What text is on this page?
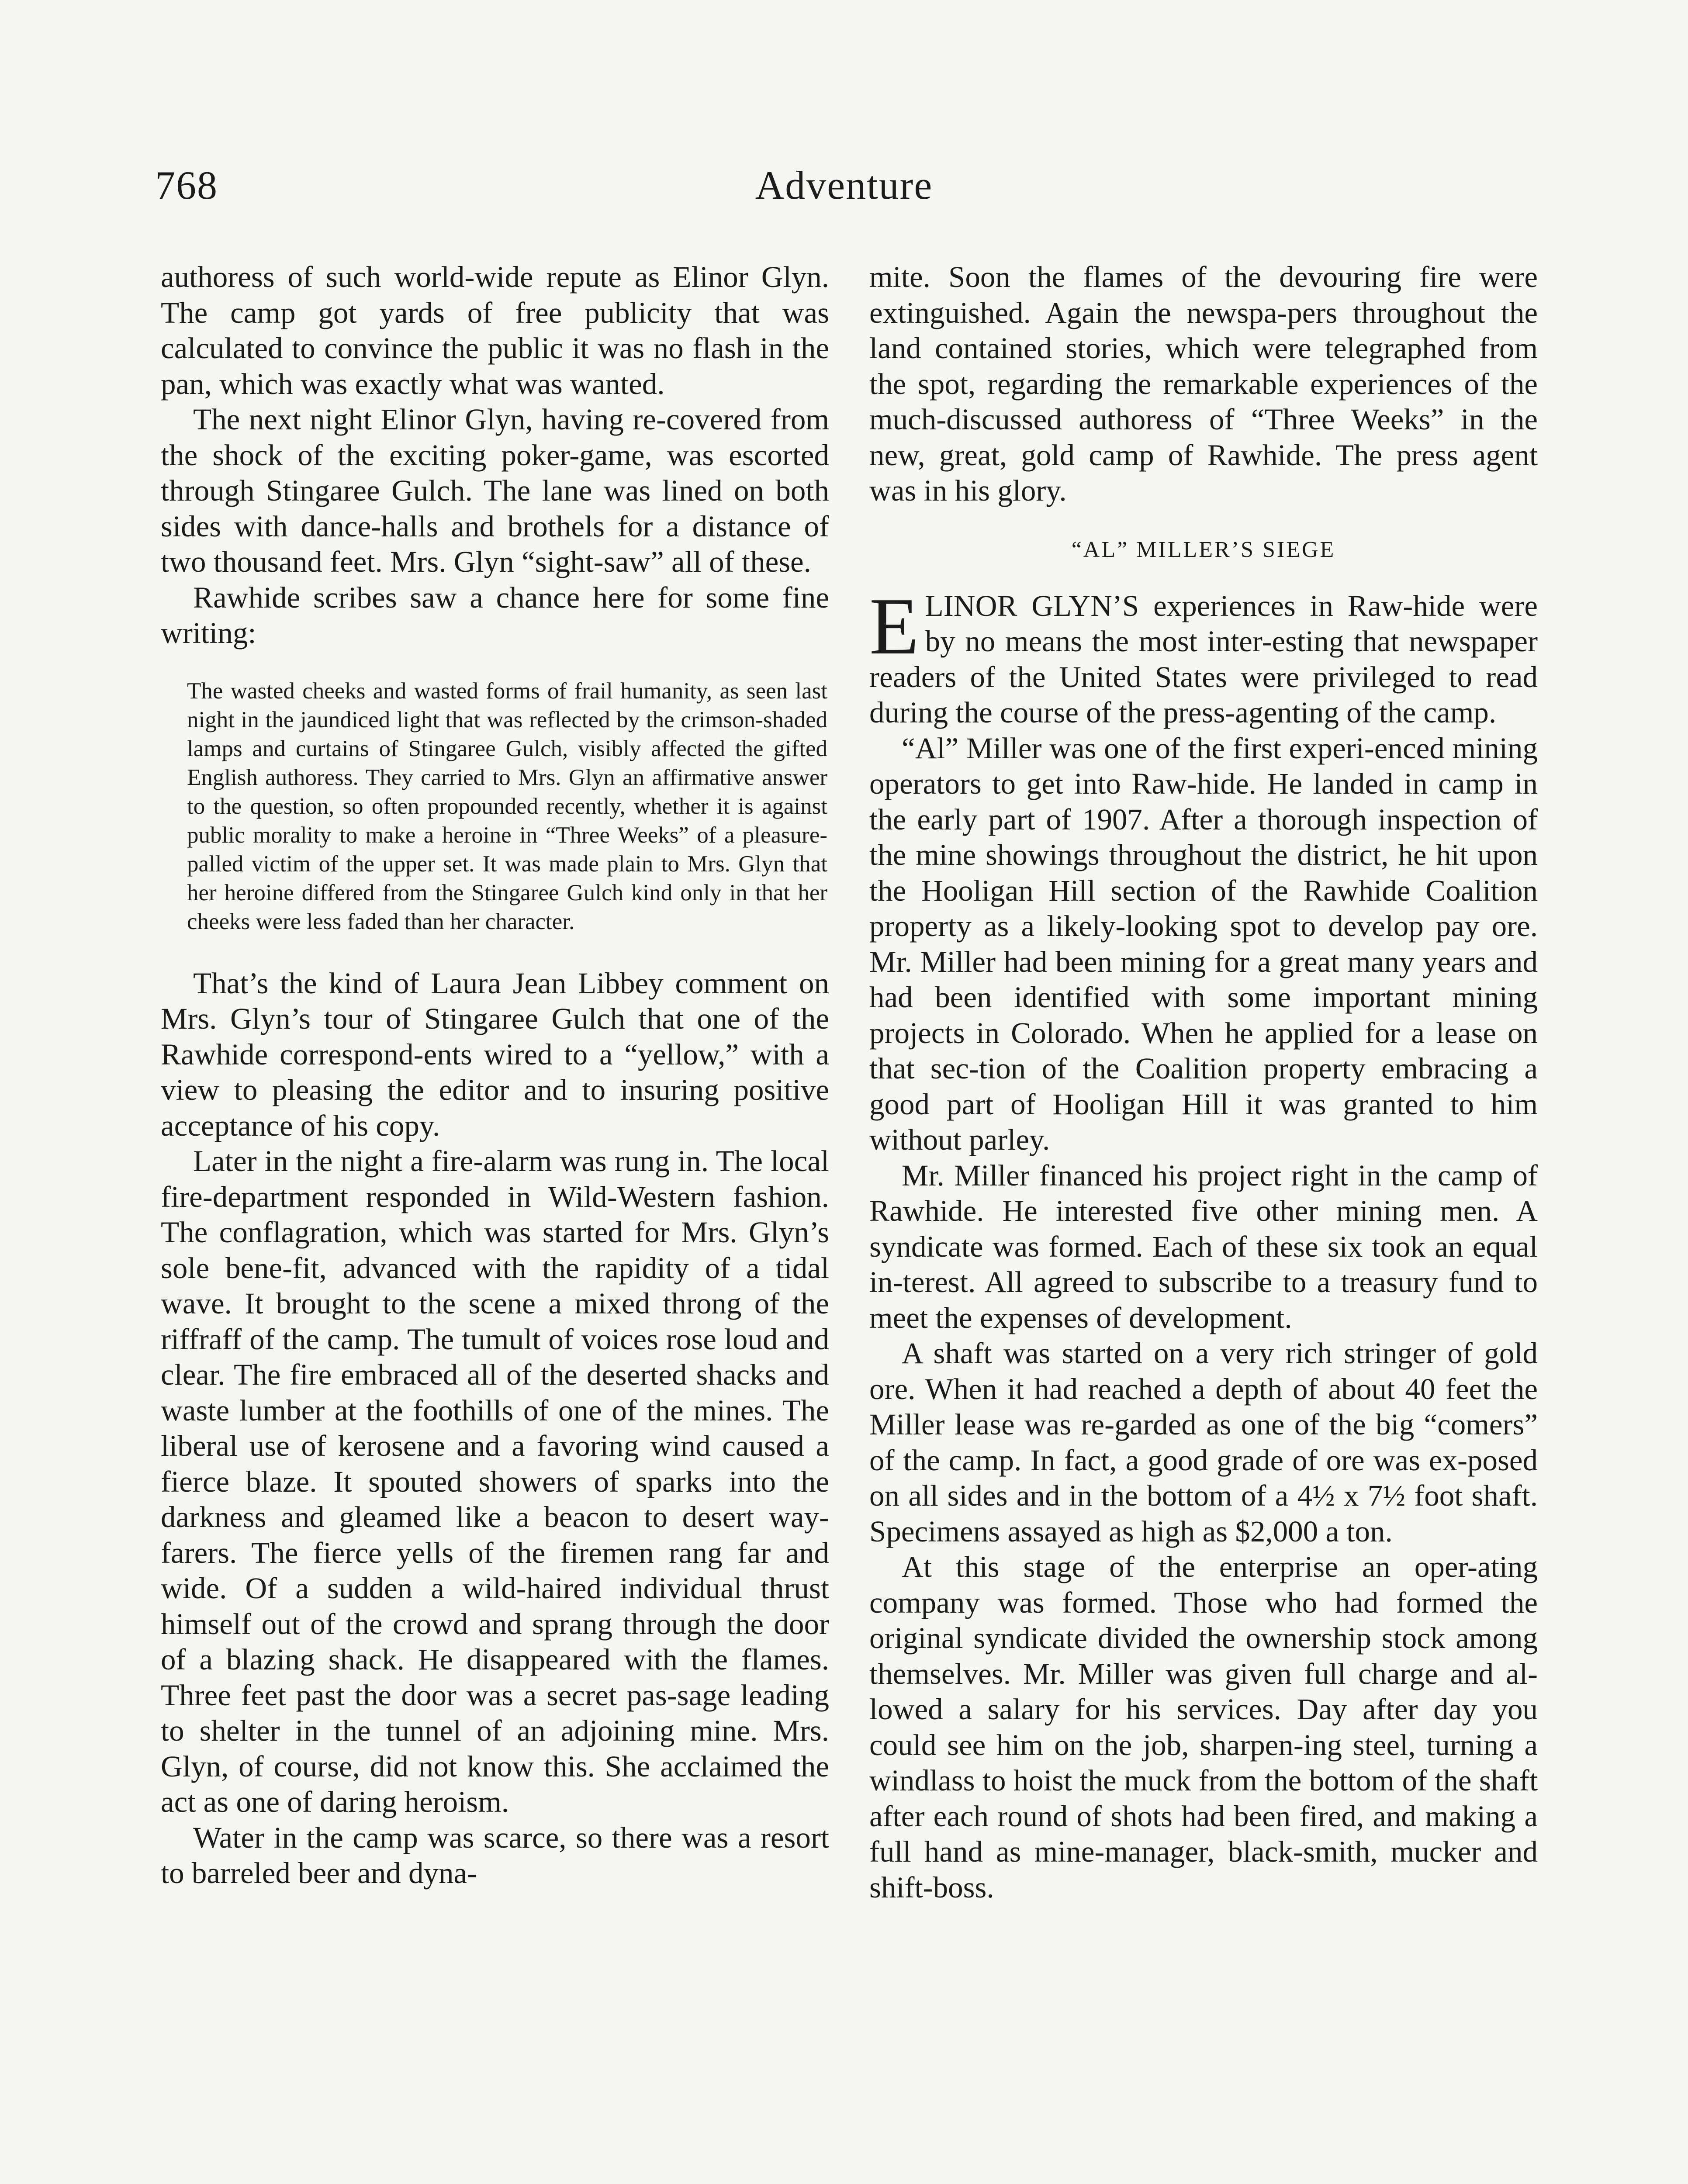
768	Adventure

authoress of such world-wide repute as Elinor Glyn. The camp got yards of free publicity that was calculated to convince the public it was no flash in the pan, which was exactly what was wanted.

The next night Elinor Glyn, having re-covered from the shock of the exciting poker-game, was escorted through Stingaree Gulch. The lane was lined on both sides with dance-halls and brothels for a distance of two thousand feet. Mrs. Glyn “sight-saw” all of these.

Rawhide scribes saw a chance here for some fine writing:

The wasted cheeks and wasted forms of frail humanity, as seen last night in the jaundiced light that was reflected by the crimson-shaded lamps and curtains of Stingaree Gulch, visibly affected the gifted English authoress. They carried to Mrs. Glyn an affirmative answer to the question, so often propounded recently, whether it is against public morality to make a heroine in “Three Weeks” of a pleasure-palled victim of the upper set. It was made plain to Mrs. Glyn that her heroine differed from the Stingaree Gulch kind only in that her cheeks were less faded than her character.

That’s the kind of Laura Jean Libbey comment on Mrs. Glyn’s tour of Stingaree Gulch that one of the Rawhide correspond-ents wired to a “yellow,” with a view to pleasing the editor and to insuring positive acceptance of his copy.

Later in the night a fire-alarm was rung in. The local fire-department responded in Wild-Western fashion. The conflagration, which was started for Mrs. Glyn’s sole bene-fit, advanced with the rapidity of a tidal wave. It brought to the scene a mixed throng of the riffraff of the camp. The tumult of voices rose loud and clear. The fire embraced all of the deserted shacks and waste lumber at the foothills of one of the mines. The liberal use of kerosene and a favoring wind caused a fierce blaze. It spouted showers of sparks into the darkness and gleamed like a beacon to desert way-farers. The fierce yells of the firemen rang far and wide. Of a sudden a wild-haired individual thrust himself out of the crowd and sprang through the door of a blazing shack. He disappeared with the flames. Three feet past the door was a secret pas-sage leading to shelter in the tunnel of an adjoining mine. Mrs. Glyn, of course, did not know this. She acclaimed the act as one of daring heroism.

Water in the camp was scarce, so there was a resort to barreled beer and dyna-

mite. Soon the flames of the devouring fire were extinguished. Again the newspa-pers throughout the land contained stories, which were telegraphed from the spot, regarding the remarkable experiences of the much-discussed authoress of “Three Weeks” in the new, great, gold camp of Rawhide. The press agent was in his glory.

“AL” MILLER’S SIEGE

ELINOR GLYN’S experiences in Raw-hide were by no means the most inter-esting that newspaper readers of the United States were privileged to read during the course of the press-agenting of the camp.

“Al” Miller was one of the first experi-enced mining operators to get into Raw-hide. He landed in camp in the early part of 1907. After a thorough inspection of the mine showings throughout the district, he hit upon the Hooligan Hill section of the Rawhide Coalition property as a likely-looking spot to develop pay ore. Mr. Miller had been mining for a great many years and had been identified with some important mining projects in Colorado. When he applied for a lease on that sec-tion of the Coalition property embracing a good part of Hooligan Hill it was granted to him without parley.

Mr. Miller financed his project right in the camp of Rawhide. He interested five other mining men. A syndicate was formed. Each of these six took an equal in-terest. All agreed to subscribe to a treasury fund to meet the expenses of development.

A shaft was started on a very rich stringer of gold ore. When it had reached a depth of about 40 feet the Miller lease was re-garded as one of the big “comers” of the camp. In fact, a good grade of ore was ex-posed on all sides and in the bottom of a 4½ x 7½ foot shaft. Specimens assayed as high as $2,000 a ton.

At this stage of the enterprise an oper-ating company was formed. Those who had formed the original syndicate divided the ownership stock among themselves. Mr. Miller was given full charge and al-lowed a salary for his services. Day after day you could see him on the job, sharpen-ing steel, turning a windlass to hoist the muck from the bottom of the shaft after each round of shots had been fired, and making a full hand as mine-manager, black-smith, mucker and shift-boss.
